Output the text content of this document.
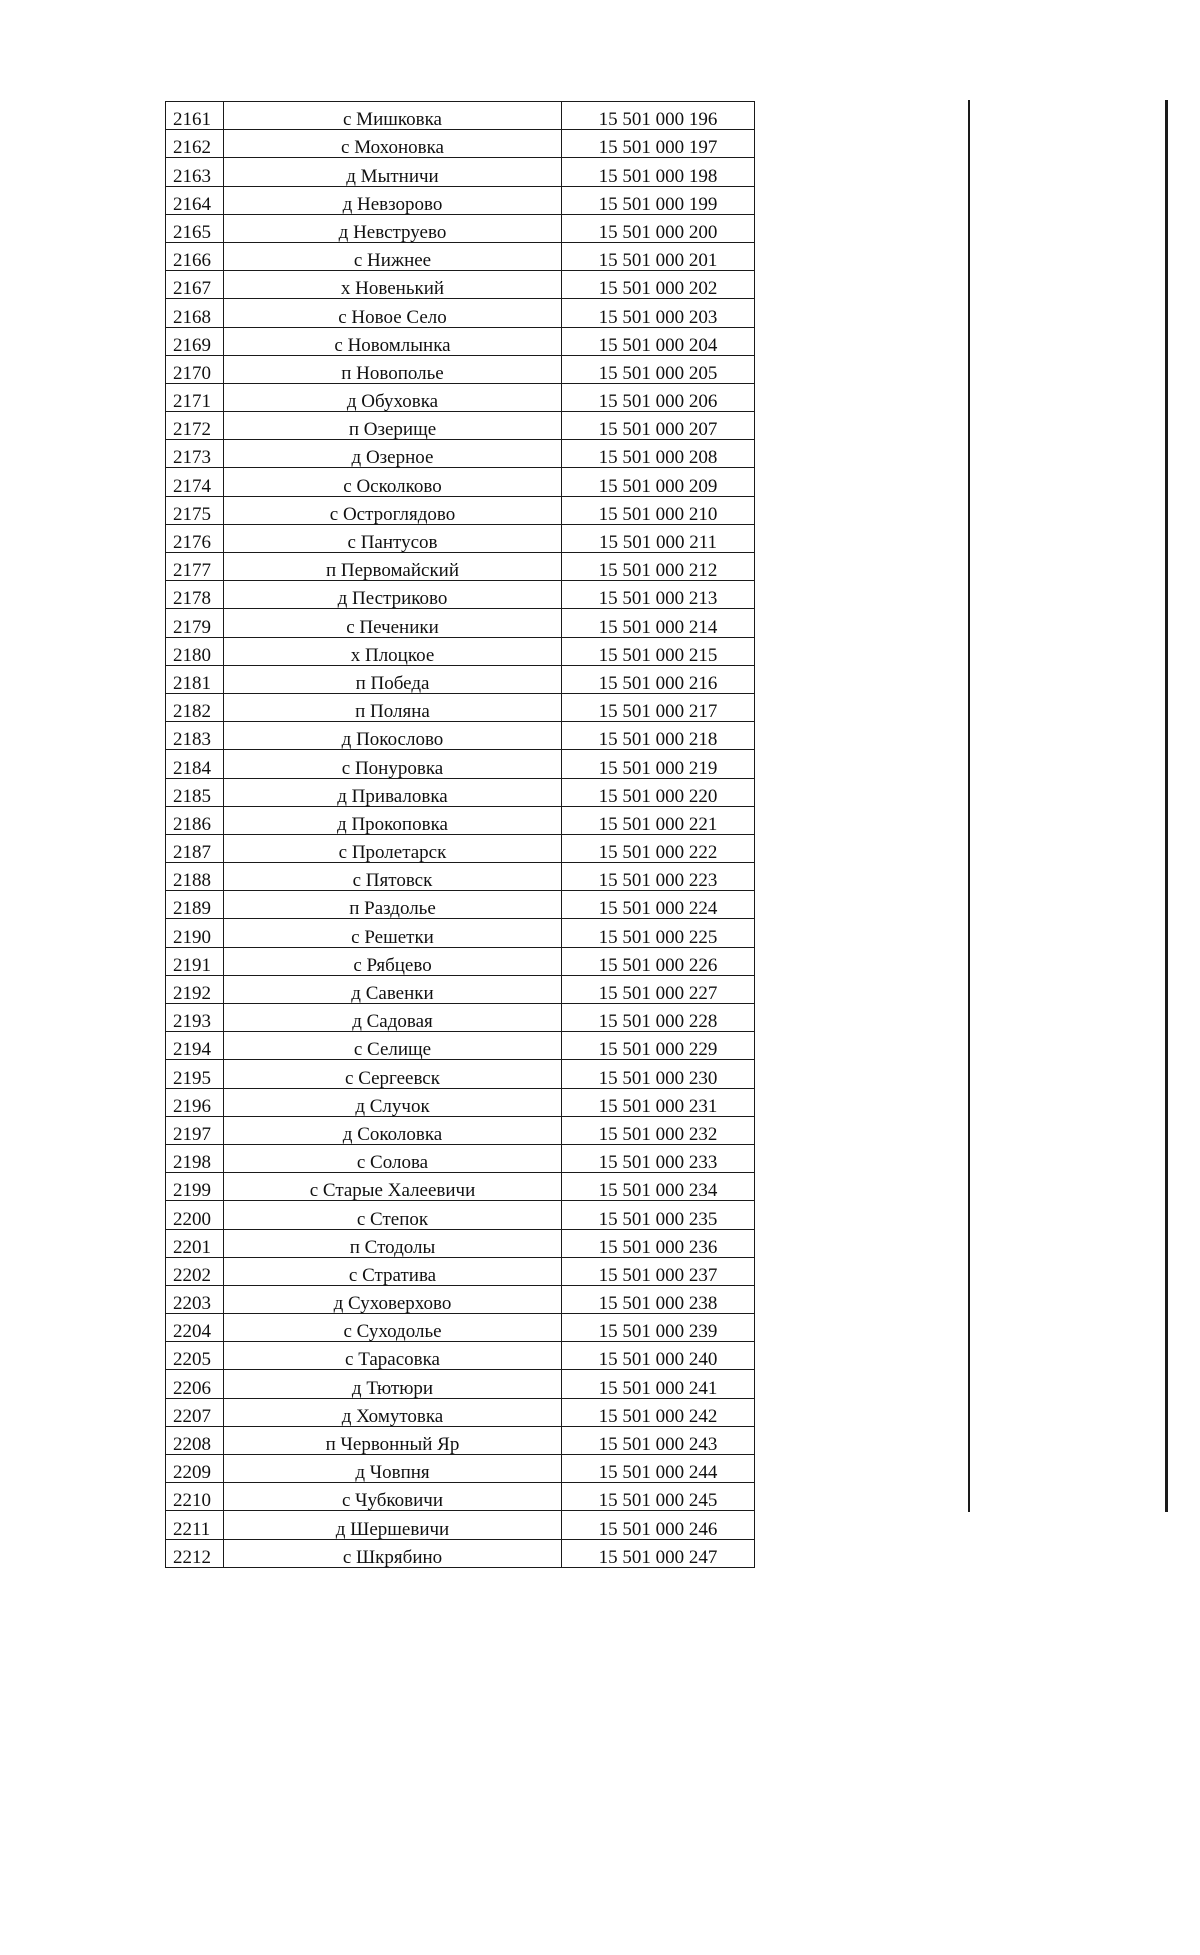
2161	с Мишковка	15 501 000 196
2162	с Мохоновка	15 501 000 197
2163	д Мытничи	15 501 000 198
2164	д Невзорово	15 501 000 199
2165	д Невструево	15 501 000 200
2166	с Нижнее	15 501 000 201
2167	х Новенький	15 501 000 202
2168	с Новое Село	15 501 000 203
2169	с Новомлынка	15 501 000 204
2170	п Новополье	15 501 000 205
2171	д Обуховка	15 501 000 206
2172	п Озерище	15 501 000 207
2173	д Озерное	15 501 000 208
2174	с Осколково	15 501 000 209
2175	с Остроглядово	15 501 000 210
2176	с Пантусов	15 501 000 211
2177	п Первомайский	15 501 000 212
2178	д Пестриково	15 501 000 213
2179	с Печеники	15 501 000 214
2180	х Плоцкое	15 501 000 215
2181	п Победа	15 501 000 216
2182	п Поляна	15 501 000 217
2183	д Покослово	15 501 000 218
2184	с Понуровка	15 501 000 219
2185	д Приваловка	15 501 000 220
2186	д Прокоповка	15 501 000 221
2187	с Пролетарск	15 501 000 222
2188	с Пятовск	15 501 000 223
2189	п Раздолье	15 501 000 224
2190	с Решетки	15 501 000 225
2191	с Рябцево	15 501 000 226
2192	д Савенки	15 501 000 227
2193	д Садовая	15 501 000 228
2194	с Селище	15 501 000 229
2195	с Сергеевск	15 501 000 230
2196	д Случок	15 501 000 231
2197	д Соколовка	15 501 000 232
2198	с Солова	15 501 000 233
2199	с Старые Халеевичи	15 501 000 234
2200	с Степок	15 501 000 235
2201	п Стодолы	15 501 000 236
2202	с Стратива	15 501 000 237
2203	д Суховерхово	15 501 000 238
2204	с Суходолье	15 501 000 239
2205	с Тарасовка	15 501 000 240
2206	д Тютюри	15 501 000 241
2207	д Хомутовка	15 501 000 242
2208	п Червонный Яр	15 501 000 243
2209	д Човпня	15 501 000 244
2210	с Чубковичи	15 501 000 245
2211	д Шершевичи	15 501 000 246
2212	с Шкрябино	15 501 000 247
